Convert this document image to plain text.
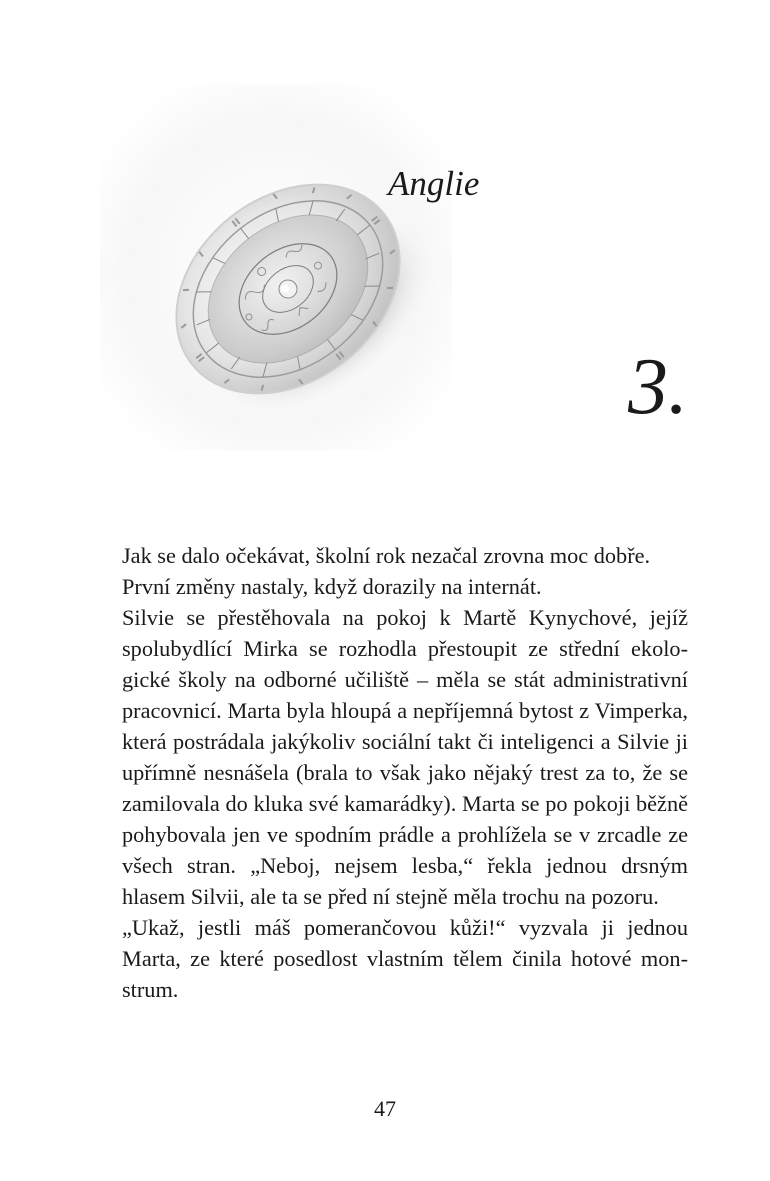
Anglie
3.

Jak se dalo očekávat, školní rok nezačal zrovna moc dobře.

První změny nastaly, když dorazily na internát.

Silvie se přestěhovala na pokoj k Martě Kynychové, jejíž spolubydlící Mirka se rozhodla přestoupit ze střední ekologické školy na odborné učiliště – měla se stát administrativní pracovnicí. Marta byla hloupá a nepříjemná bytost z Vimperka, která postrádala jakýkoliv sociální takt či inteligenci a Silvie ji upřímně nesnášela (brala to však jako nějaký trest za to, že se zamilovala do kluka své kamarádky). Marta se po pokoji běžně pohybovala jen ve spodním prádle a prohlížela se v zrcadle ze všech stran. „Neboj, nejsem lesba,“ řekla jednou drsným hlasem Silvii, ale ta se před ní stejně měla trochu na pozoru.

„Ukaž, jestli máš pomerančovou kůži!“ vyzvala ji jednou Marta, ze které posedlost vlastním tělem činila hotové monstrum.

47
